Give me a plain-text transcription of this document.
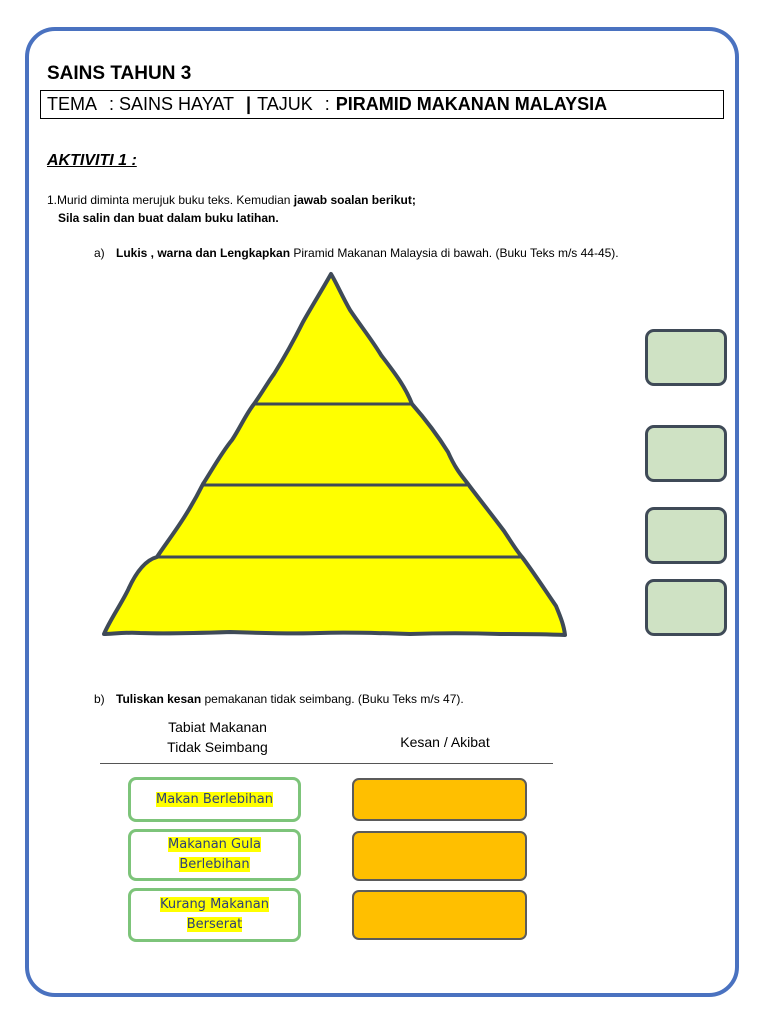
SAINS TAHUN 3
TEMA : SAINS HAYAT | TAJUK : PIRAMID MAKANAN MALAYSIA
AKTIVITI 1 :
1.Murid diminta merujuk buku teks. Kemudian jawab soalan berikut;
Sila salin dan buat dalam buku latihan.
a) Lukis , warna dan Lengkapkan Piramid Makanan Malaysia di bawah. (Buku Teks m/s 44-45).
b) Tuliskan kesan pemakanan tidak seimbang. (Buku Teks m/s 47).
Tabiat Makanan
Tidak Seimbang	Kesan / Akibat
Makan Berlebihan
Makanan Gula
Berlebihan
Kurang Makanan
Berserat
